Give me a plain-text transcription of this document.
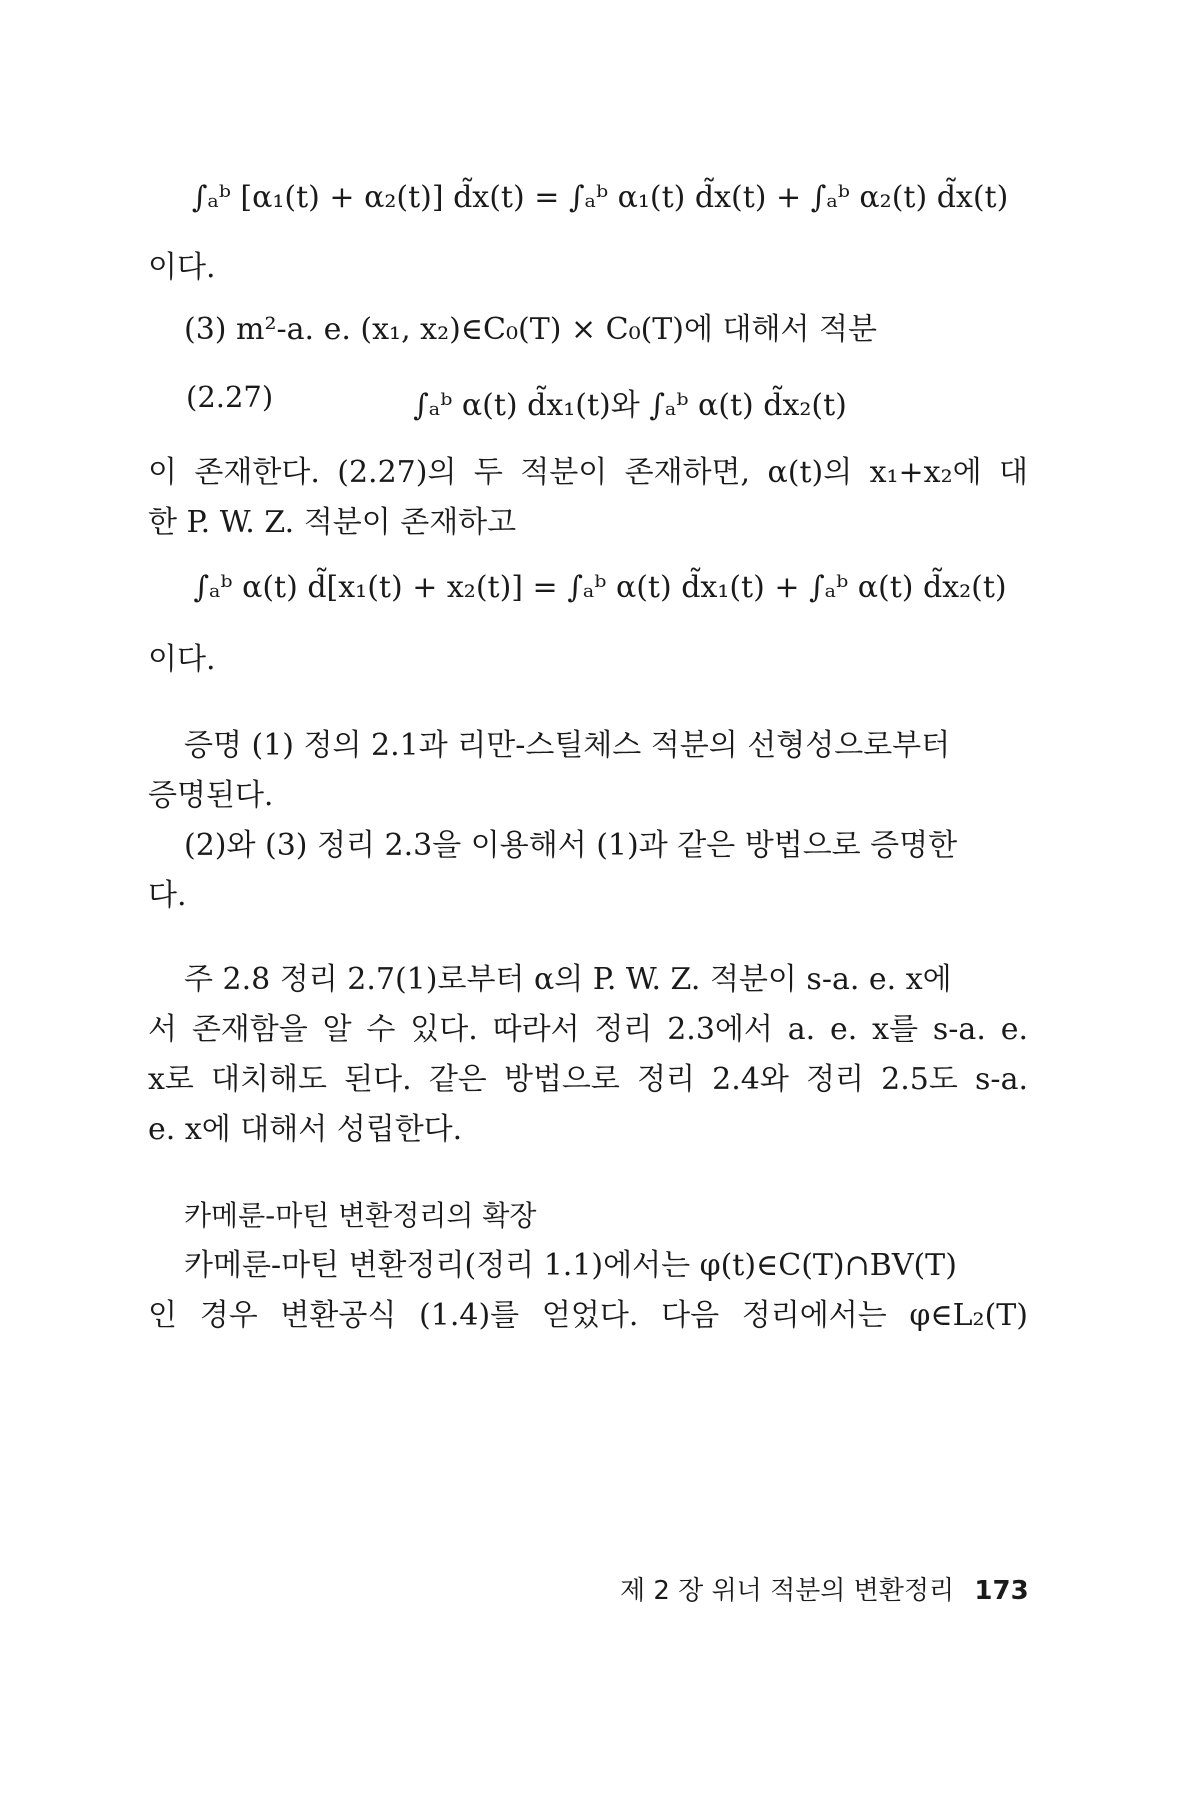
∫ₐᵇ [α₁(t) + α₂(t)] d̃x(t) = ∫ₐᵇ α₁(t) d̃x(t) + ∫ₐᵇ α₂(t) d̃x(t)
이다.
(3) m²-a. e. (x₁, x₂)∈C₀(T) × C₀(T)에 대해서 적분
(2.27)	∫ₐᵇ α(t) d̃x₁(t)와 ∫ₐᵇ α(t) d̃x₂(t)
이 존재한다. (2.27)의 두 적분이 존재하면, α(t)의 x₁+x₂에 대
한 P. W. Z. 적분이 존재하고
∫ₐᵇ α(t) d̃[x₁(t) + x₂(t)] = ∫ₐᵇ α(t) d̃x₁(t) + ∫ₐᵇ α(t) d̃x₂(t)
이다.
증명 (1) 정의 2.1과 리만-스틸체스 적분의 선형성으로부터
증명된다.
(2)와 (3) 정리 2.3을 이용해서 (1)과 같은 방법으로 증명한
다.
주 2.8 정리 2.7(1)로부터 α의 P. W. Z. 적분이 s-a. e. x에
서 존재함을 알 수 있다. 따라서 정리 2.3에서 a. e. x를 s-a. e.
x로 대치해도 된다. 같은 방법으로 정리 2.4와 정리 2.5도 s-a.
e. x에 대해서 성립한다.
카메룬-마틴 변환정리의 확장
카메룬-마틴 변환정리(정리 1.1)에서는 φ(t)∈C(T)∩BV(T)
인 경우 변환공식 (1.4)를 얻었다. 다음 정리에서는 φ∈L₂(T)
제 2 장 위너 적분의 변환정리 173
